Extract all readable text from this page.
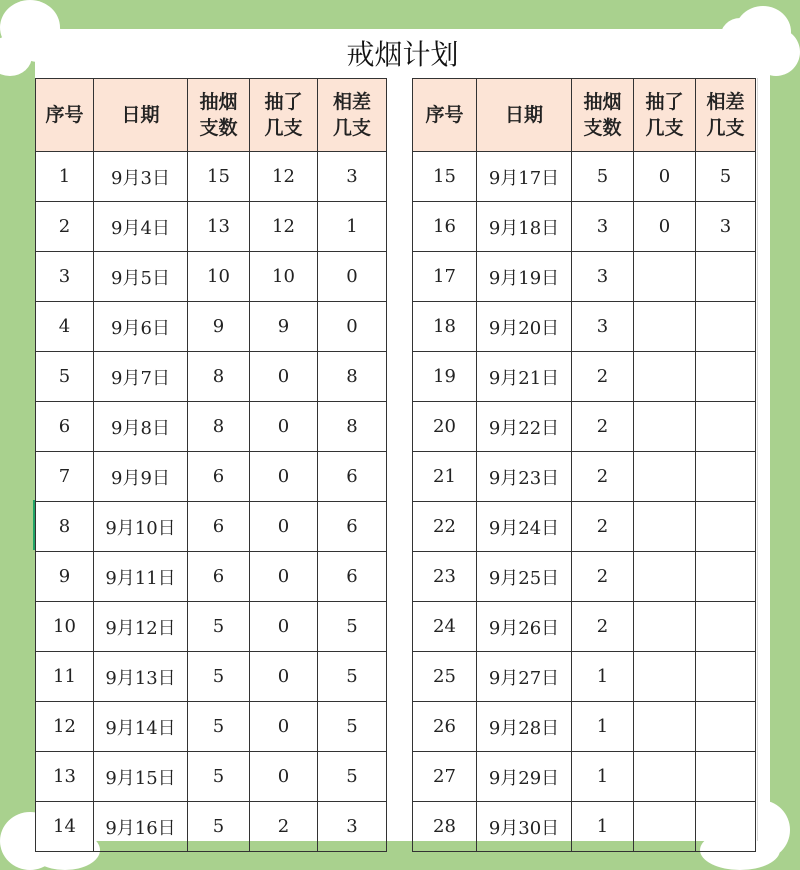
戒烟计划
序号	日期	抽烟支数	抽了几支	相差几支
1	9月3日	15	12	3
2	9月4日	13	12	1
3	9月5日	10	10	0
4	9月6日	9	9	0
5	9月7日	8	0	8
6	9月8日	8	0	8
7	9月9日	6	0	6
8	9月10日	6	0	6
9	9月11日	6	0	6
10	9月12日	5	0	5
11	9月13日	5	0	5
12	9月14日	5	0	5
13	9月15日	5	0	5
14	9月16日	5	2	3
序号	日期	抽烟支数	抽了几支	相差几支
15	9月17日	5	0	5
16	9月18日	3	0	3
17	9月19日	3		
18	9月20日	3		
19	9月21日	2		
20	9月22日	2		
21	9月23日	2		
22	9月24日	2		
23	9月25日	2		
24	9月26日	2		
25	9月27日	1		
26	9月28日	1		
27	9月29日	1		
28	9月30日	1		
